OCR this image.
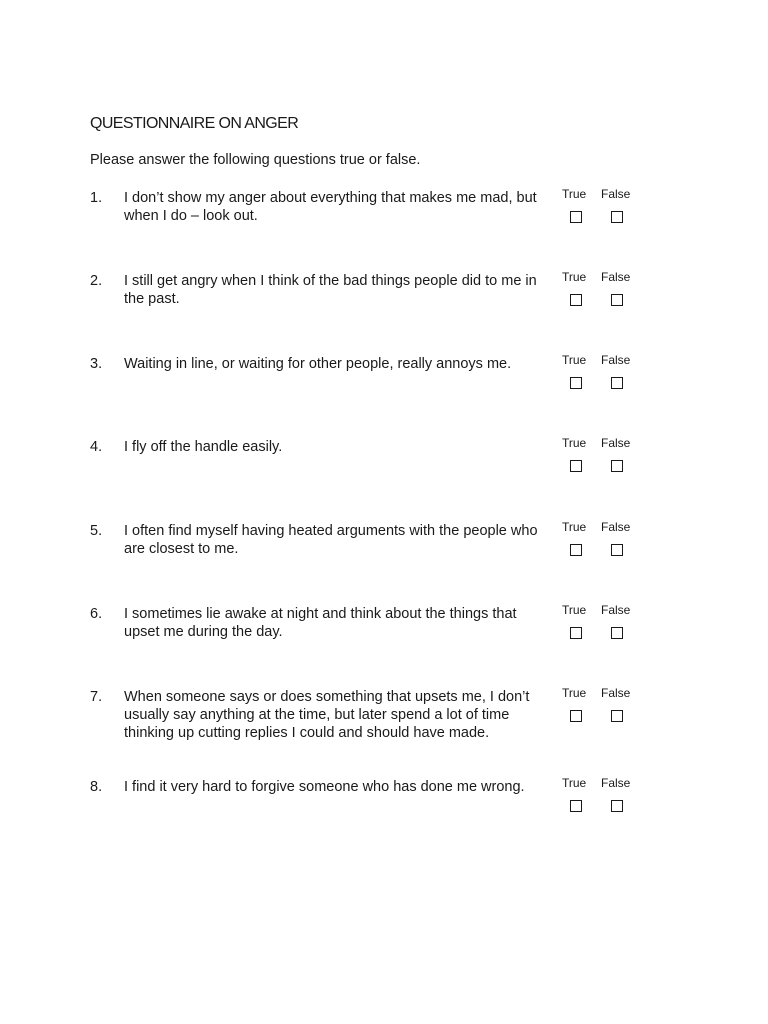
QUESTIONNAIRE ON ANGER

Please answer the following questions true or false.

1. I don’t show my anger about everything that makes me mad, but when I do – look out.
True False
2. I still get angry when I think of the bad things people did to me in the past.
True False
3. Waiting in line, or waiting for other people, really annoys me.	True False
4. I fly off the handle easily.	True False
5. I often find myself having heated arguments with the people who are closest to me.
True False
6. I sometimes lie awake at night and think about the things that upset me during the day.
True False
7. When someone says or does something that upsets me, I don’t usually say anything at the time, but later spend a lot of time thinking up cutting replies I could and should have made.
True False
8. I find it very hard to forgive someone who has done me wrong.	True False
